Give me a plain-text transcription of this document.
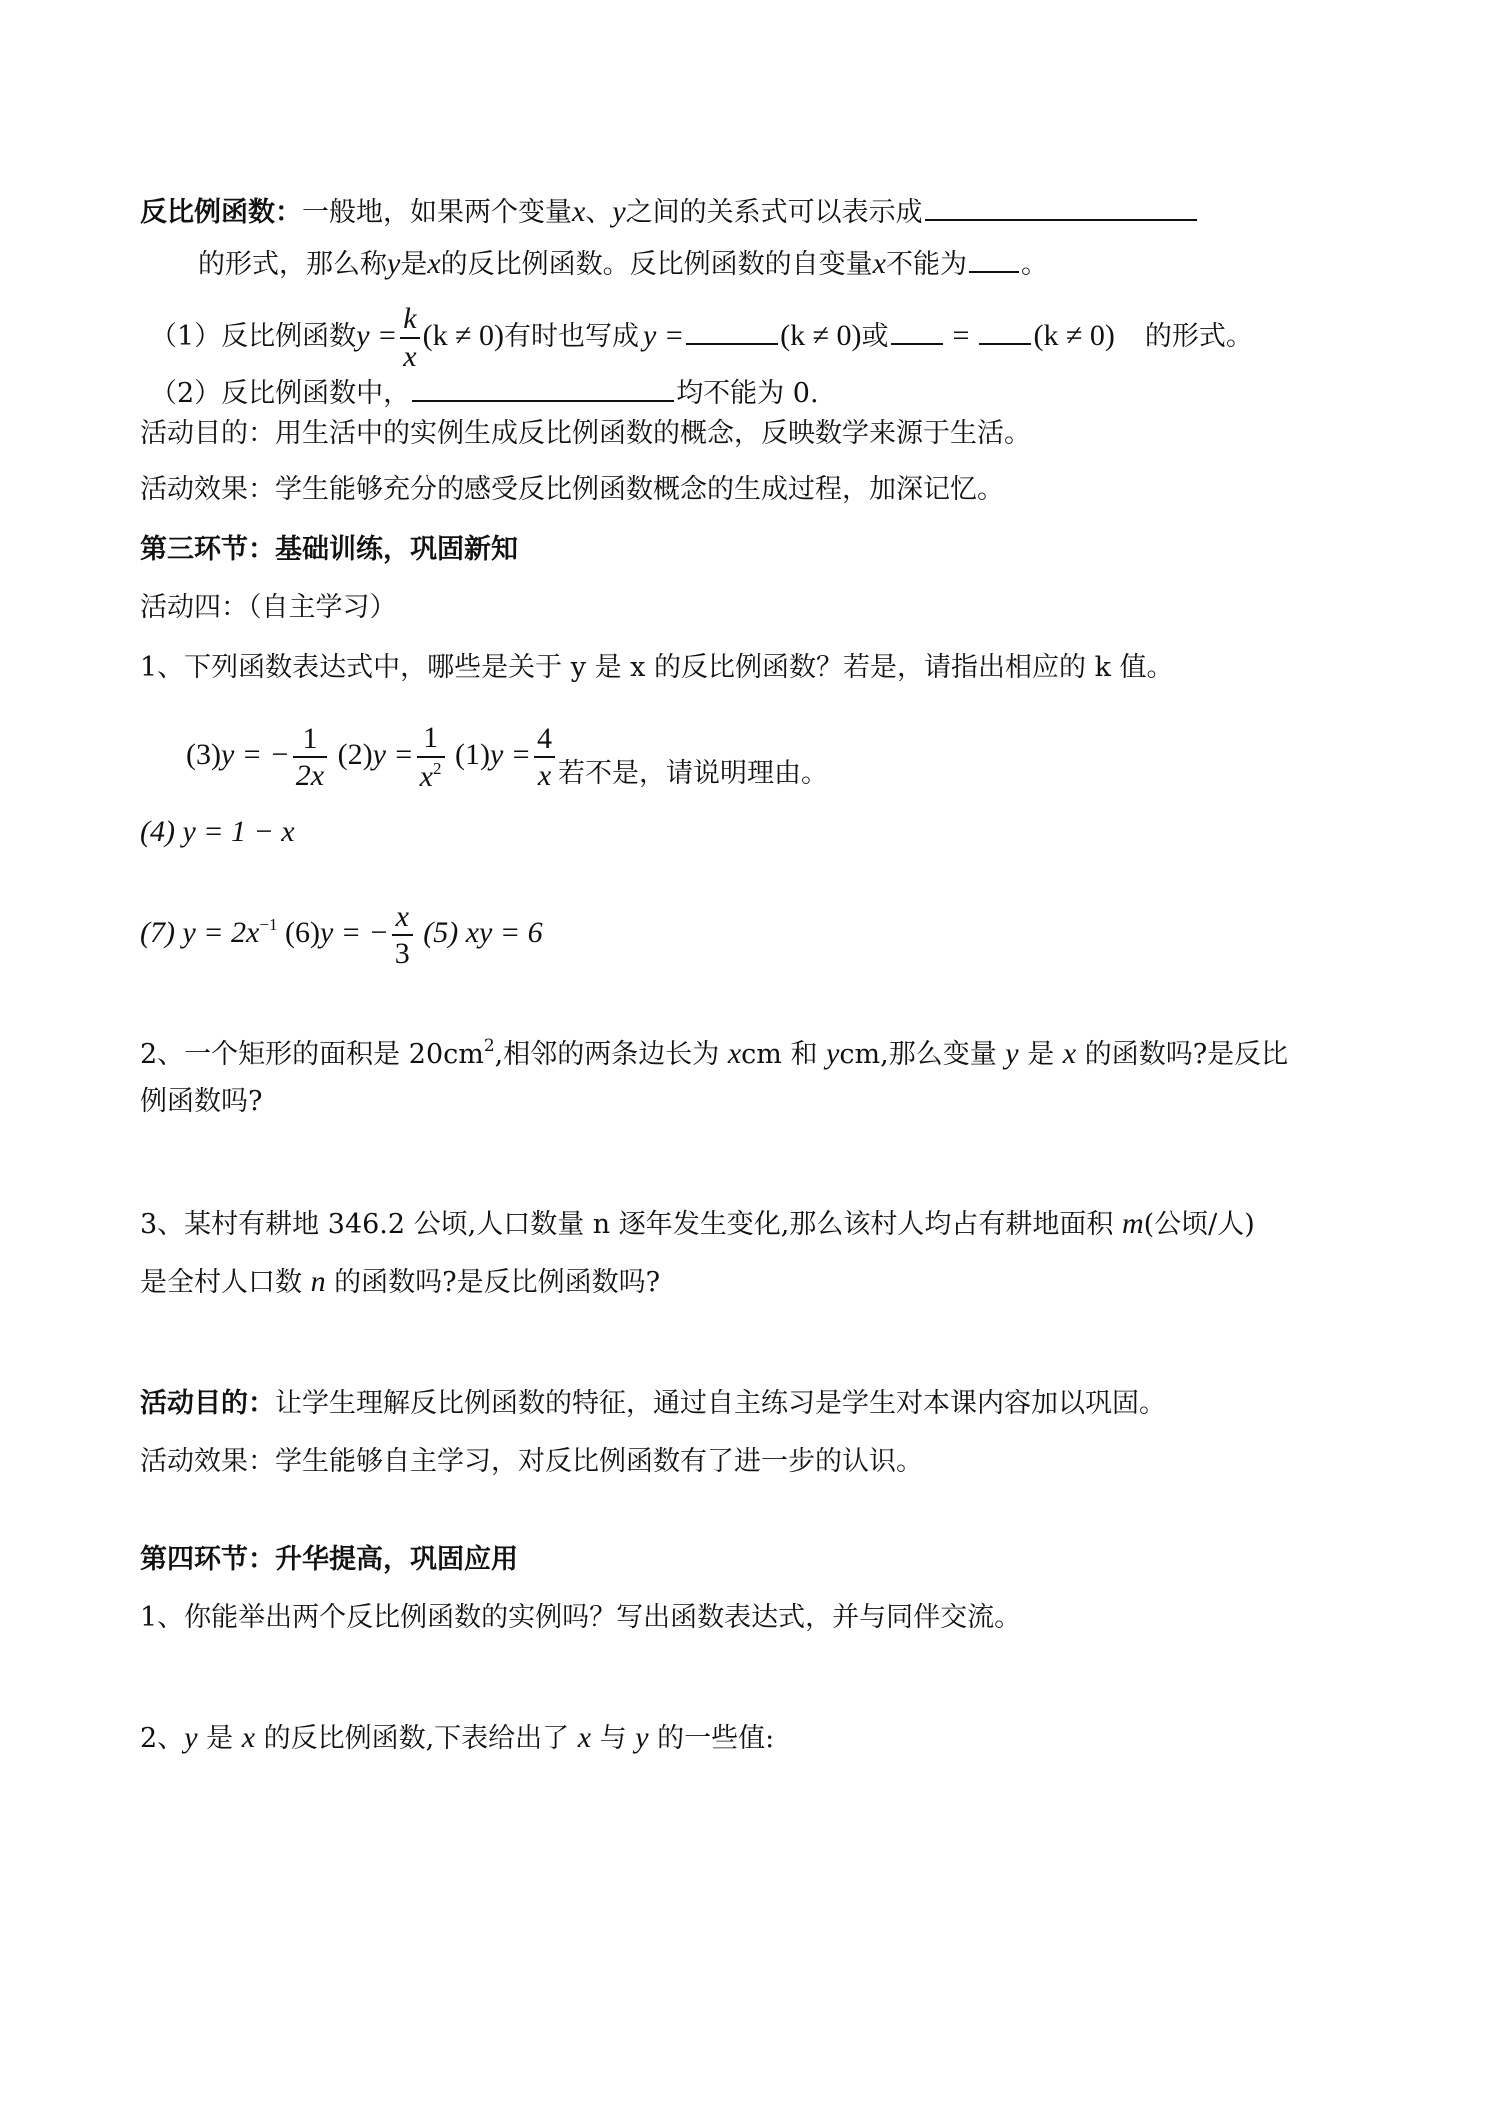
反比例函数：一般地，如果两个变量x、y之间的关系式可以表示成
的形式，那么称y是x的反比例函数。反比例函数的自变量x不能为 。
（1）反比例函数$y = \frac{k}{x} (k \ne 0)$有时也写成 y =	(k ≠ 0)或 = (k ≠ 0) 的形式。
（2）反比例函数中，	均不能为 0.
活动目的：用生活中的实例生成反比例函数的概念，反映数学来源于生活。
活动效果：学生能够充分的感受反比例函数概念的生成过程，加深记忆。
第三环节：基础训练，巩固新知
活动四：（自主学习）
1、下列函数表达式中，哪些是关于 y 是 x 的反比例函数？若是，请指出相应的 k 值。
(3)y = − $\frac{1}{2x} (2)y = \frac{1}{x^2} (1)y = \frac{4}{x}$ 若不是，请说明理由。
(4) y = 1 − x
(7) $y = 2x^{-1}$ (6)y = − $\frac{x}{3} (5)$ xy = 6
2、一个矩形的面积是 $20cm^2$,相邻的两条边长为 xcm 和 ycm,那么变量 y 是 x 的函数吗?是反比
例函数吗?
3、某村有耕地 346.2 公顷,人口数量 n 逐年发生变化,那么该村人均占有耕地面积 m(公顷/人)
是全村人口数 n 的函数吗?是反比例函数吗?
活动目的：让学生理解反比例函数的特征，通过自主练习是学生对本课内容加以巩固。
活动效果：学生能够自主学习，对反比例函数有了进一步的认识。
第四环节：升华提高，巩固应用
1、你能举出两个反比例函数的实例吗？写出函数表达式，并与同伴交流。
2、y 是 x 的反比例函数,下表给出了 x 与 y 的一些值:
